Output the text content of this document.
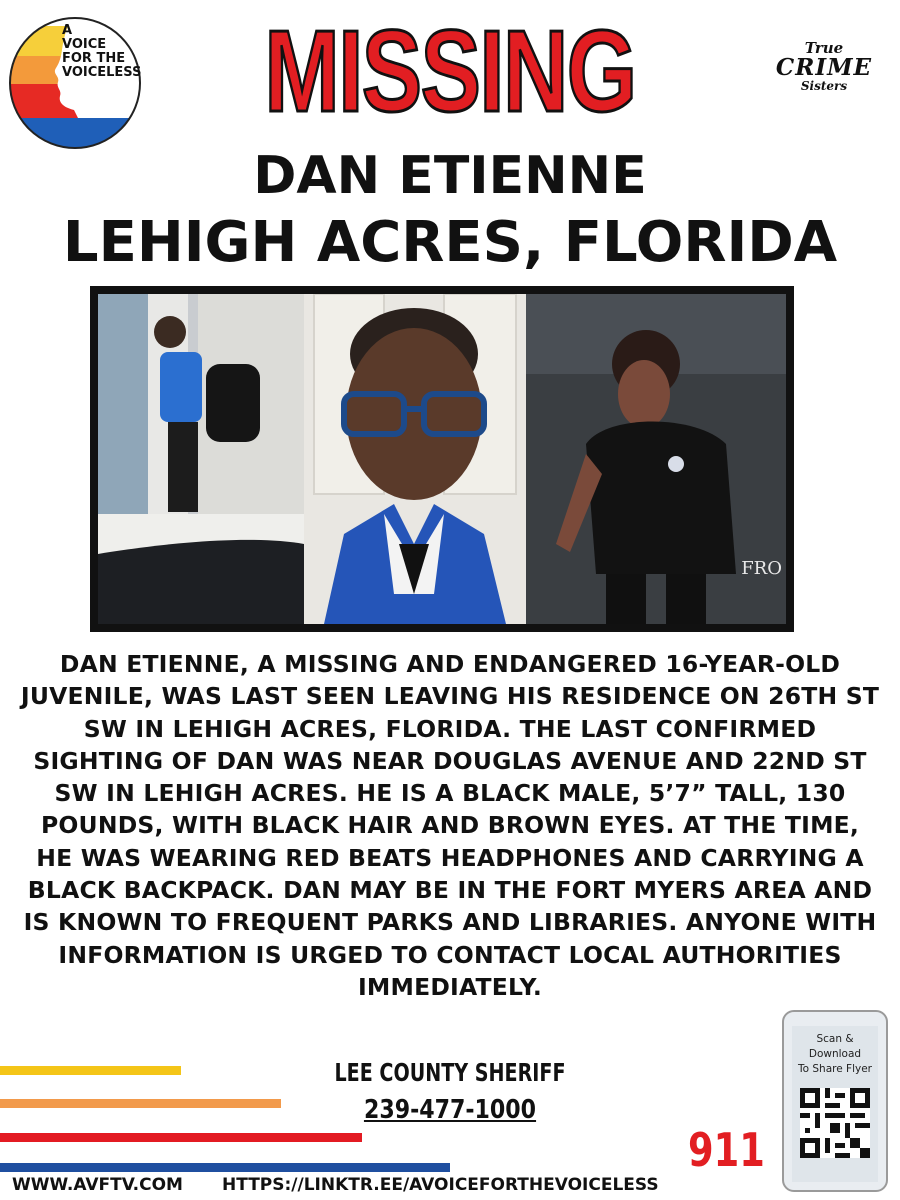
A
VOICE
FOR THE
VOICELESS	MISSING	True
CRIME
Sisters
DAN ETIENNE
LEHIGH ACRES, FLORIDA
FRO
DAN ETIENNE, A MISSING AND ENDANGERED 16-YEAR-OLD JUVENILE, WAS LAST SEEN LEAVING HIS RESIDENCE ON 26TH ST SW IN LEHIGH ACRES, FLORIDA. THE LAST CONFIRMED SIGHTING OF DAN WAS NEAR DOUGLAS AVENUE AND 22ND ST SW IN LEHIGH ACRES. HE IS A BLACK MALE, 5’7” TALL, 130 POUNDS, WITH BLACK HAIR AND BROWN EYES. AT THE TIME, HE WAS WEARING RED BEATS HEADPHONES AND CARRYING A BLACK BACKPACK. DAN MAY BE IN THE FORT MYERS AREA AND IS KNOWN TO FREQUENT PARKS AND LIBRARIES. ANYONE WITH INFORMATION IS URGED TO CONTACT LOCAL AUTHORITIES IMMEDIATELY.
LEE COUNTY SHERIFF
239-477-1000
911
Scan &
Download
To Share Flyer
WWW.AVFTV.COM HTTPS://LINKTR.EE/AVOICEFORTHEVOICELESS
